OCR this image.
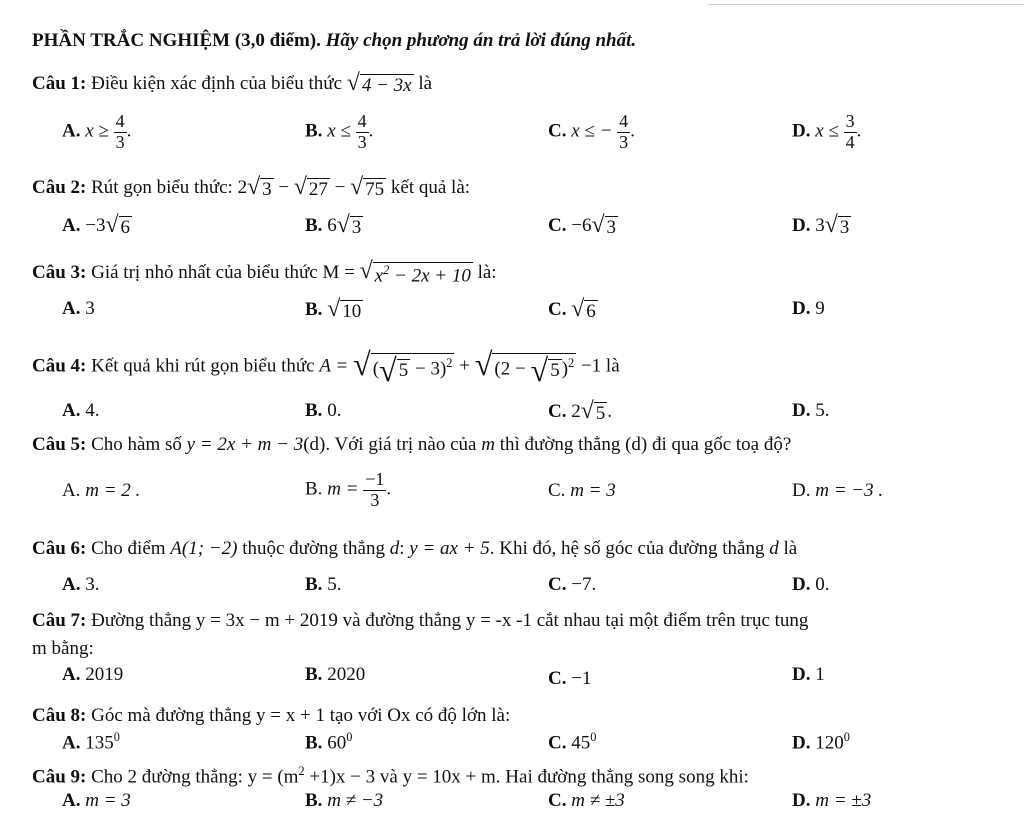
PHẦN TRẮC NGHIỆM (3,0 điểm). Hãy chọn phương án trả lời đúng nhất.
Câu 1: Điều kiện xác định của biểu thức √ 4 − 3x là
A. $x \ge \frac{4}{3}$ .	B. $x \le \frac{4}{3}$ .	C. x ≤ − $\frac{4}{3}$ .	D. $x \le \frac{3}{4}$ .
Câu 2: Rút gọn biểu thức: 2 √ 3 − √ 27 − √ 75 kết quả là:
A. −3 √ 6	B. 6 √ 3	C. −6 √ 3	D. 3 √ 3
Câu 3: Giá trị nhỏ nhất của biểu thức M = √ $x^2 - 2x + 10$ là:
A. 3	B. √ 10	C. √ 6	D. 9
Câu 4: Kết quả khi rút gọn biểu thức A = √ ( √ 5 − 3)$^2$ + √ (2 − √ 5 )$^2$ −1 là
A. 4.	B. 0.	C. 2 √ 5 .	D. 5.
Câu 5: Cho hàm số y = 2x + m − 3(d). Với giá trị nào của m thì đường thẳng (d) đi qua gốc toạ độ?
A. m = 2 .	B. $m = \frac{-1}{3}$ .	C. m = 3	D. m = −3 .
Câu 6: Cho điểm A(1; −2) thuộc đường thẳng d: y = ax + 5. Khi đó, hệ số góc của đường thẳng d là
A. 3.	B. 5.	C. −7.	D. 0.
Câu 7: Đường thẳng y = 3x − m + 2019 và đường thẳng y = -x -1 cắt nhau tại một điểm trên trục tung
m bằng:
A. 2019	B. 2020	C. −1	D. 1
Câu 8: Góc mà đường thẳng y = x + 1 tạo với Ox có độ lớn là:
A. $135^0$	B. $60^0$	C. $45^0$	D. $120^0$
Câu 9: Cho 2 đường thẳng: $y = (m^2 +1)x - 3$ và y = 10x + m. Hai đường thẳng song song khi:
A. m = 3	B. m ≠ −3	C. m ≠ ±3	D. m = ±3
